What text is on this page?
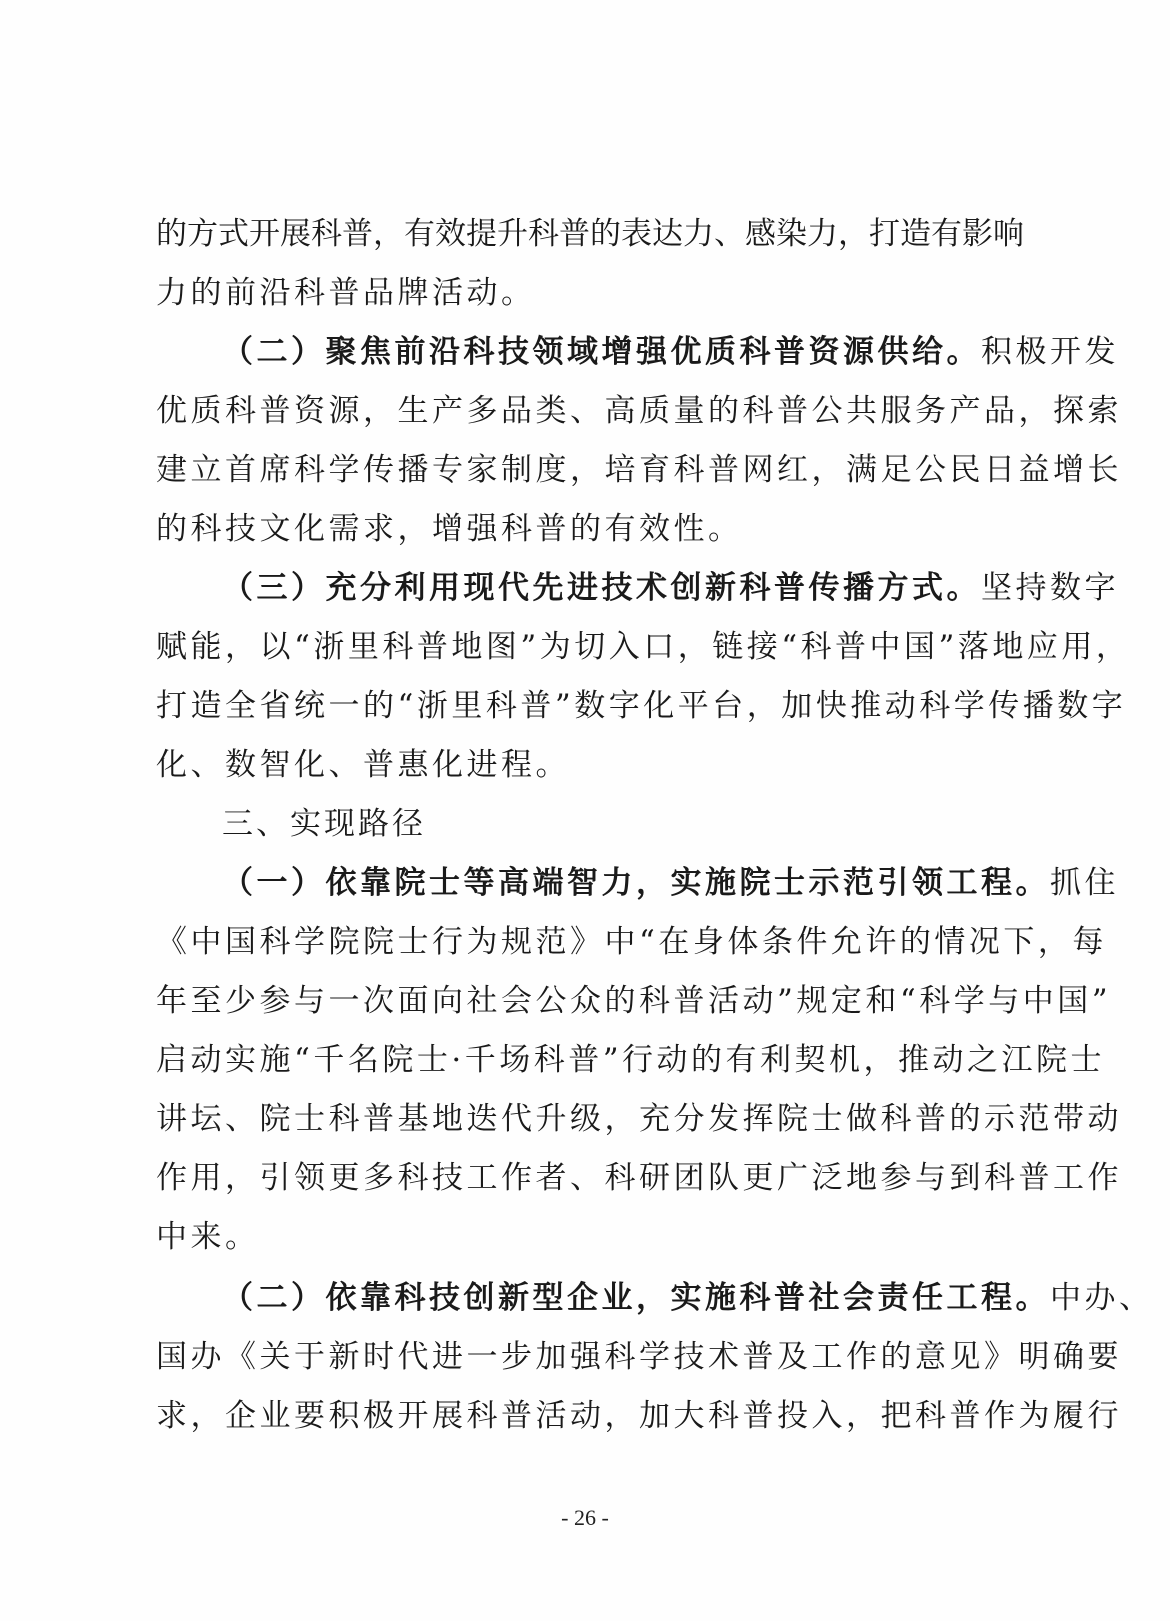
的方式开展科普，有效提升科普的表达力、感染力，打造有影响
力的前沿科普品牌活动。
（二）聚焦前沿科技领域增强优质科普资源供给。积极开发
优质科普资源，生产多品类、高质量的科普公共服务产品，探索
建立首席科学传播专家制度，培育科普网红，满足公民日益增长
的科技文化需求，增强科普的有效性。
（三）充分利用现代先进技术创新科普传播方式。坚持数字
赋能，以“浙里科普地图”为切入口，链接“科普中国”落地应用，
打造全省统一的“浙里科普”数字化平台，加快推动科学传播数字
化、数智化、普惠化进程。
三、实现路径
（一）依靠院士等高端智力，实施院士示范引领工程。抓住
《中国科学院院士行为规范》中“在身体条件允许的情况下，每
年至少参与一次面向社会公众的科普活动”规定和“科学与中国”
启动实施“千名院士·千场科普”行动的有利契机，推动之江院士
讲坛、院士科普基地迭代升级，充分发挥院士做科普的示范带动
作用，引领更多科技工作者、科研团队更广泛地参与到科普工作
中来。
（二）依靠科技创新型企业，实施科普社会责任工程。中办、
国办《关于新时代进一步加强科学技术普及工作的意见》明确要
求，企业要积极开展科普活动，加大科普投入，把科普作为履行
- 26 -
